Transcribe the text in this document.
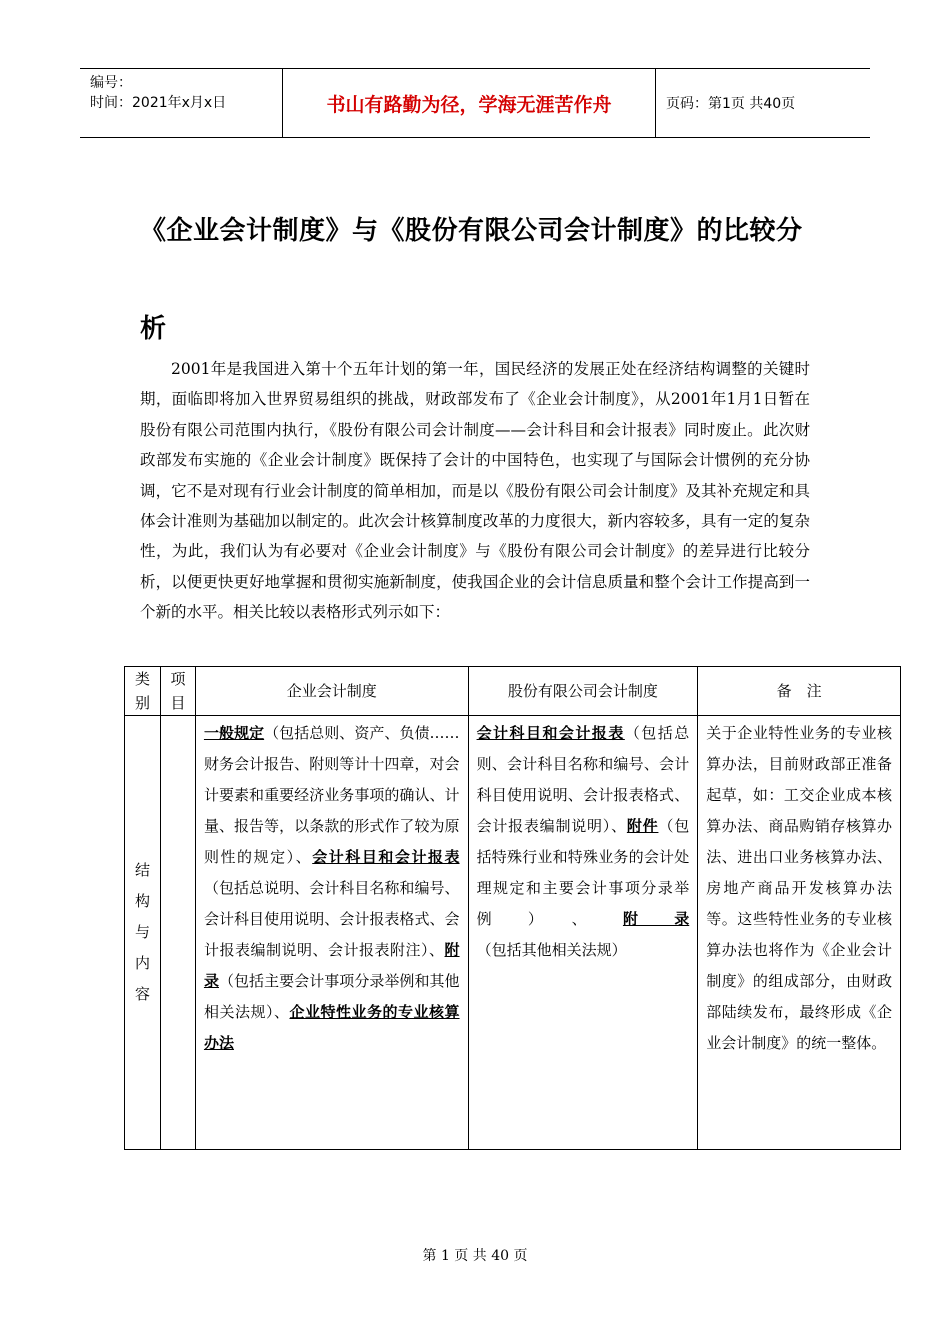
编号：
时间：2021年x月x日	书山有路勤为径，学海无涯苦作舟	页码：第1页 共40页
《企业会计制度》与《股份有限公司会计制度》的比较分析
2001年是我国进入第十个五年计划的第一年，国民经济的发展正处在经济结构调整的关键时期，面临即将加入世界贸易组织的挑战，财政部发布了《企业会计制度》，从2001年1月1日暂在股份有限公司范围内执行，《股份有限公司会计制度——会计科目和会计报表》同时废止。此次财政部发布实施的《企业会计制度》既保持了会计的中国特色，也实现了与国际会计惯例的充分协调，它不是对现有行业会计制度的简单相加，而是以《股份有限公司会计制度》及其补充规定和具体会计准则为基础加以制定的。此次会计核算制度改革的力度很大，新内容较多，具有一定的复杂性，为此，我们认为有必要对《企业会计制度》与《股份有限公司会计制度》的差异进行比较分析，以便更快更好地掌握和贯彻实施新制度，使我国企业的会计信息质量和整个会计工作提高到一个新的水平。相关比较以表格形式列示如下：
类别	项目	企业会计制度	股份有限公司会计制度	备　注

结构与内容		一般规定（包括总则、资产、负债……财务会计报告、附则等计十四章，对会计要素和重要经济业务事项的确认、计量、报告等，以条款的形式作了较为原则性的规定）、会计科目和会计报表（包括总说明、会计科目名称和编号、会计科目使用说明、会计报表格式、会计报表编制说明、会计报表附注）、附录（包括主要会计事项分录举例和其他相关法规）、企业特性业务的专业核算办法	会计科目和会计报表（包括总则、会计科目名称和编号、会计科目使用说明、会计报表格式、会计报表编制说明）、附件（包括特殊行业和特殊业务的会计处理规定和主要会计事项分录举例）、附录（包括其他相关法规）	关于企业特性业务的专业核算办法，目前财政部正准备起草，如：工交企业成本核算办法、商品购销存核算办法、进出口业务核算办法、房地产商品开发核算办法等。这些特性业务的专业核算办法也将作为《企业会计制度》的组成部分，由财政部陆续发布，最终形成《企业会计制度》的统一整体。
第 1 页 共 40 页
